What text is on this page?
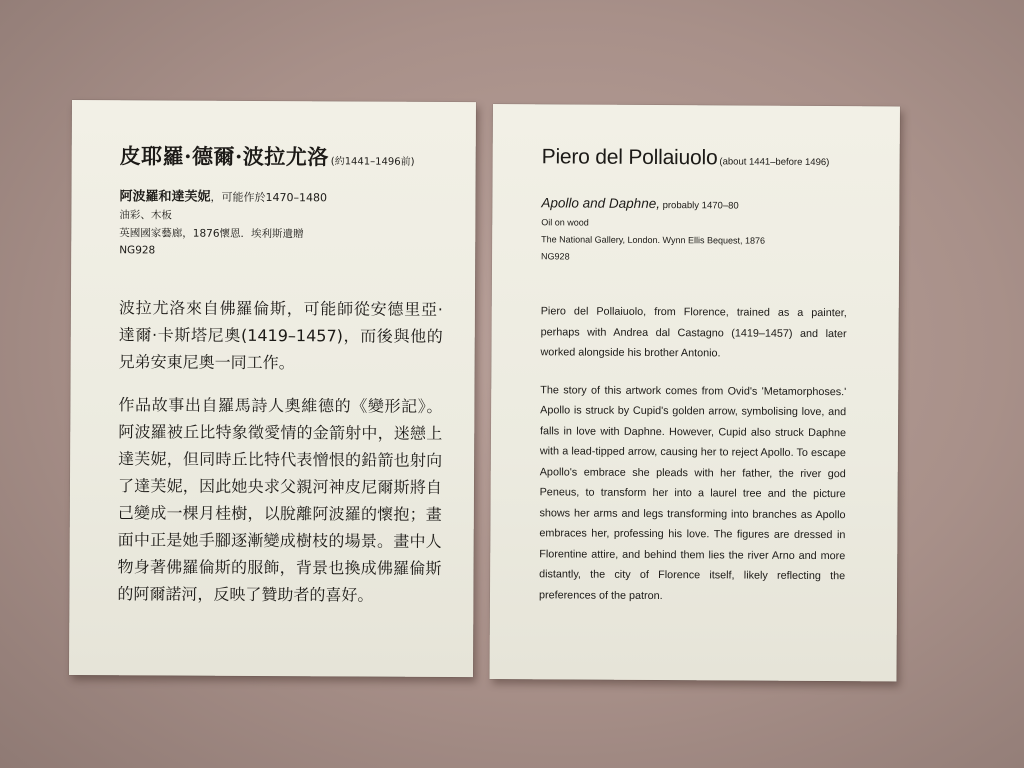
皮耶羅·德爾·波拉尤洛 (約1441–1496前)
阿波羅和達芙妮，可能作於1470–1480
油彩、木板
英國國家藝廊，1876懷恩．埃利斯遺贈
NG928

波拉尤洛來自佛羅倫斯，可能師從安德里亞·達爾·卡斯塔尼奧(1419–1457)，而後與他的兄弟安東尼奧一同工作。

作品故事出自羅馬詩人奧維德的《變形記》。阿波羅被丘比特象徵愛情的金箭射中，迷戀上達芙妮，但同時丘比特代表憎恨的鉛箭也射向了達芙妮，因此她央求父親河神皮尼爾斯將自己變成一棵月桂樹，以脫離阿波羅的懷抱；畫面中正是她手腳逐漸變成樹枝的場景。畫中人物身著佛羅倫斯的服飾，背景也換成佛羅倫斯的阿爾諾河，反映了贊助者的喜好。

Piero del Pollaiuolo (about 1441–before 1496)
Apollo and Daphne, probably 1470–80
Oil on wood
The National Gallery, London. Wynn Ellis Bequest, 1876
NG928

Piero del Pollaiuolo, from Florence, trained as a painter, perhaps with Andrea dal Castagno (1419–1457) and later worked alongside his brother Antonio.

The story of this artwork comes from Ovid's 'Metamorphoses.' Apollo is struck by Cupid's golden arrow, symbolising love, and falls in love with Daphne. However, Cupid also struck Daphne with a lead-tipped arrow, causing her to reject Apollo. To escape Apollo's embrace she pleads with her father, the river god Peneus, to transform her into a laurel tree and the picture shows her arms and legs transforming into branches as Apollo embraces her, professing his love. The figures are dressed in Florentine attire, and behind them lies the river Arno and more distantly, the city of Florence itself, likely reflecting the preferences of the patron.
